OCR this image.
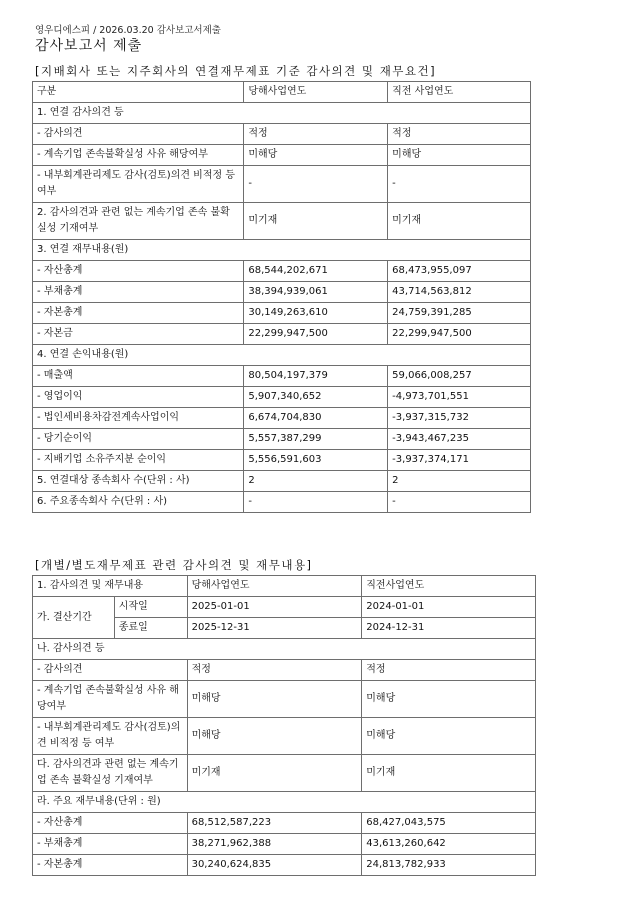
영우디에스피 / 2026.03.20 감사보고서제출
감사보고서 제출
[지배회사 또는 지주회사의 연결재무제표 기준 감사의견 및 재무요건]
구분	당해사업연도	직전 사업연도
1. 연결 감사의견 등		
- 감사의견	적정	적정
- 계속기업 존속불확실성 사유 해당여부	미해당	미해당
- 내부회계관리제도 감사(검토)의견 비적정 등 여부	-	-
2. 감사의견과 관련 없는 계속기업 존속 불확실성 기재여부	미기재	미기재
3. 연결 재무내용(원)		
- 자산총계	68,544,202,671	68,473,955,097
- 부채총계	38,394,939,061	43,714,563,812
- 자본총계	30,149,263,610	24,759,391,285
- 자본금	22,299,947,500	22,299,947,500
4. 연결 손익내용(원)		
- 매출액	80,504,197,379	59,066,008,257
- 영업이익	5,907,340,652	-4,973,701,551
- 법인세비용차감전계속사업이익	6,674,704,830	-3,937,315,732
- 당기순이익	5,557,387,299	-3,943,467,235
- 지배기업 소유주지분 순이익	5,556,591,603	-3,937,374,171
5. 연결대상 종속회사 수(단위 : 사)	2	2
6. 주요종속회사 수(단위 : 사)	-	-
[개별/별도재무제표 관련 감사의견 및 재무내용]
1. 감사의견 및 재무내용		당해사업연도	직전사업연도
가. 결산기간	시작일	2025-01-01	2024-01-01
	종료일	2025-12-31	2024-12-31
나. 감사의견 등			
- 감사의견		적정	적정
- 계속기업 존속불확실성 사유 해당여부		미해당	미해당
- 내부회계관리제도 감사(검토)의견 비적정 등 여부		미해당	미해당
다. 감사의견과 관련 없는 계속기업 존속 불확실성 기재여부		미기재	미기재
라. 주요 재무내용(단위 : 원)			
- 자산총계		68,512,587,223	68,427,043,575
- 부채총계		38,271,962,388	43,613,260,642
- 자본총계		30,240,624,835	24,813,782,933
